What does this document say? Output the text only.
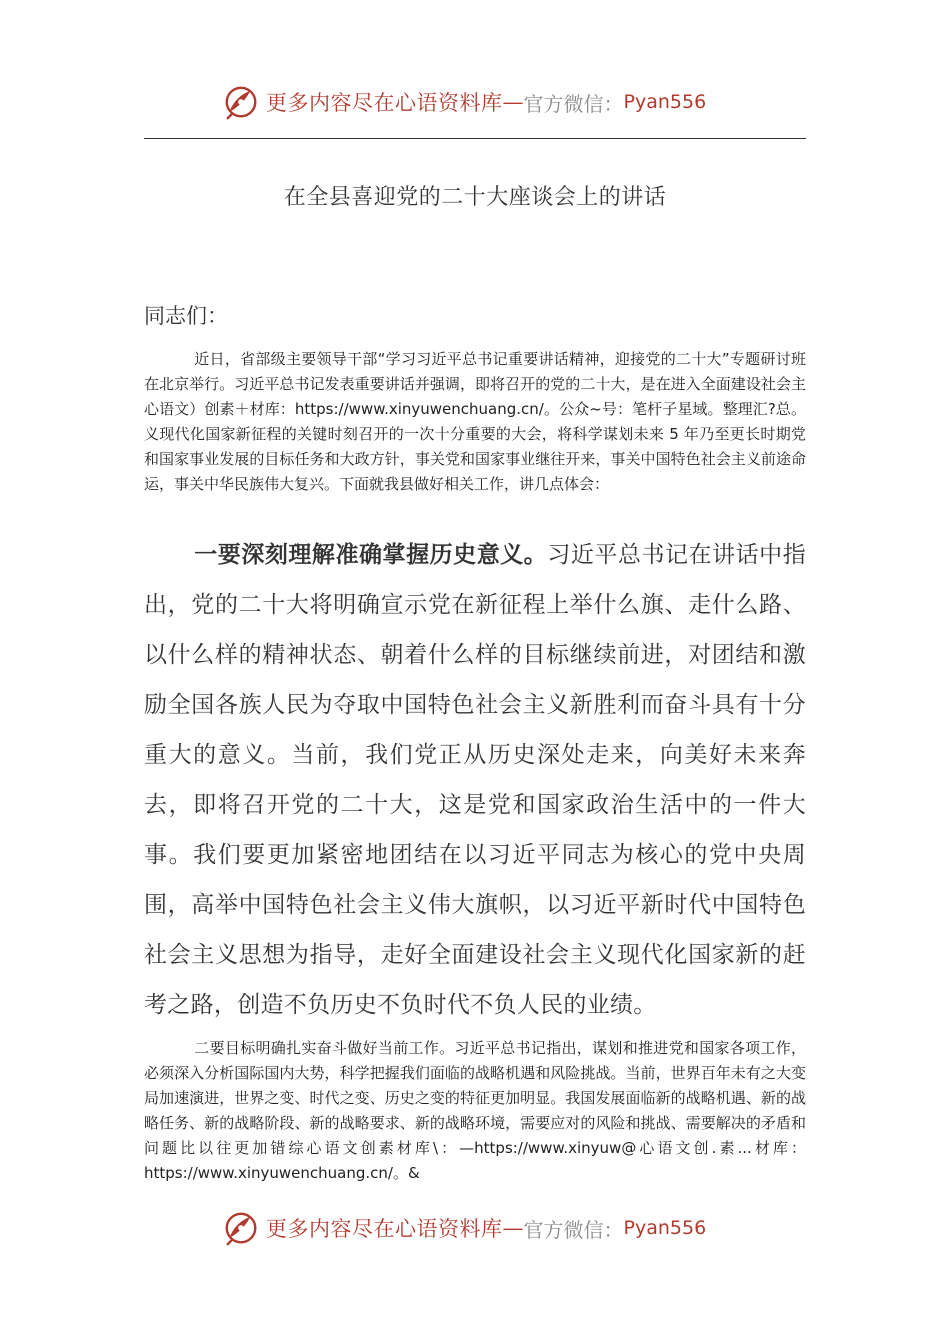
更多内容尽在心语资料库 — 官方微信： Pyan556
在全县喜迎党的二十大座谈会上的讲话
同志们：

近日，省部级主要领导干部“学习习近平总书记重要讲话精神，迎接党的二十大”专题研讨班在北京举行。习近平总书记发表重要讲话并强调，即将召开的党的二十大，是在进入全面建设社会主心语文）创素＋材库：https://www.xinyuwenchuang.cn/。公众~号：笔杆子星域。整理汇?总。义现代化国家新征程的关键时刻召开的一次十分重要的大会，将科学谋划未来 5 年乃至更长时期党和国家事业发展的目标任务和大政方针，事关党和国家事业继往开来，事关中国特色社会主义前途命运，事关中华民族伟大复兴。下面就我县做好相关工作，讲几点体会：

一要深刻理解准确掌握历史意义。习近平总书记在讲话中指出，党的二十大将明确宣示党在新征程上举什么旗、走什么路、以什么样的精神状态、朝着什么样的目标继续前进，对团结和激励全国各族人民为夺取中国特色社会主义新胜利而奋斗具有十分重大的意义。当前，我们党正从历史深处走来，向美好未来奔去，即将召开党的二十大，这是党和国家政治生活中的一件大事。我们要更加紧密地团结在以习近平同志为核心的党中央周围，高举中国特色社会主义伟大旗帜，以习近平新时代中国特色社会主义思想为指导，走好全面建设社会主义现代化国家新的赶考之路，创造不负历史不负时代不负人民的业绩。

二要目标明确扎实奋斗做好当前工作。习近平总书记指出，谋划和推进党和国家各项工作，必须深入分析国际国内大势，科学把握我们面临的战略机遇和风险挑战。当前，世界百年未有之大变局加速演进，世界之变、时代之变、历史之变的特征更加明显。我国发展面临新的战略机遇、新的战略任务、新的战略阶段、新的战略要求、新的战略环境，需要应对的风险和挑战、需要解决的矛盾和问题比以往更加错综心语文创素材库\：—https://www.xinyuw@心语文创.素...材库：https://www.xinyuwenchuang.cn/。&

更多内容尽在心语资料库 — 官方微信： Pyan556
